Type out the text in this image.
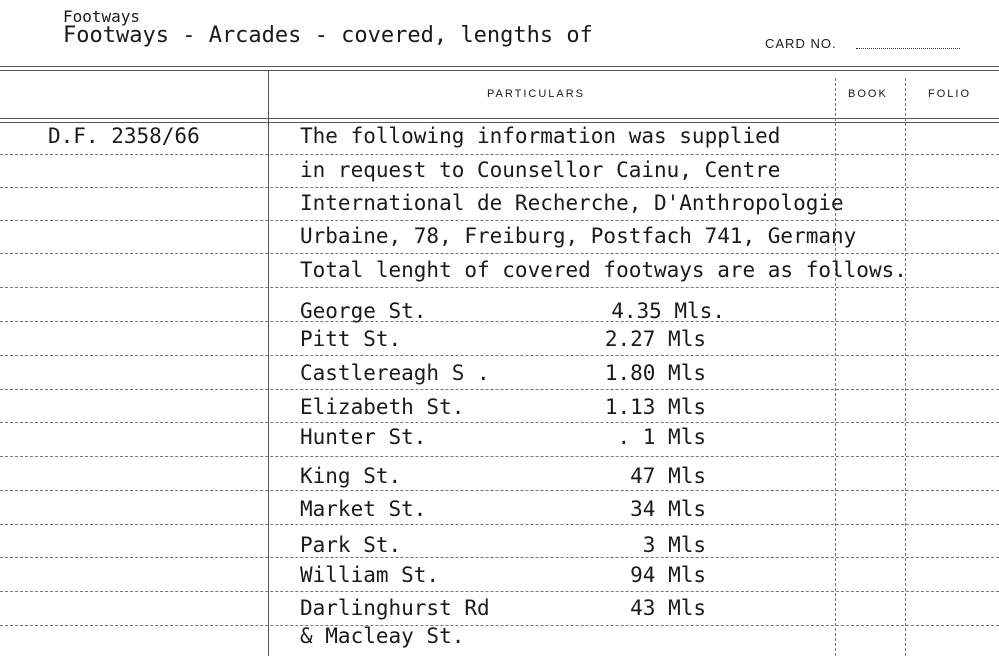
Footways
Footways - Arcades - covered, lengths of	CARD NO.
PARTICULARS	BOOK	FOLIO
D.F. 2358/66	The following information was supplied
in request to Counsellor Cainu, Centre
International de Recherche, D'Anthropologie
Urbaine, 78, Freiburg, Postfach 741, Germany
Total lenght of covered footways are as follows.
George St.	4.35 Mls.
Pitt St.	2.27 Mls
Castlereagh S .	1.80 Mls
Elizabeth St.	1.13 Mls
Hunter St.	. 1 Mls
King St.	47 Mls
Market St.	34 Mls
Park St.	3 Mls
William St.	94 Mls
Darlinghurst Rd	43 Mls
& Macleay St.
